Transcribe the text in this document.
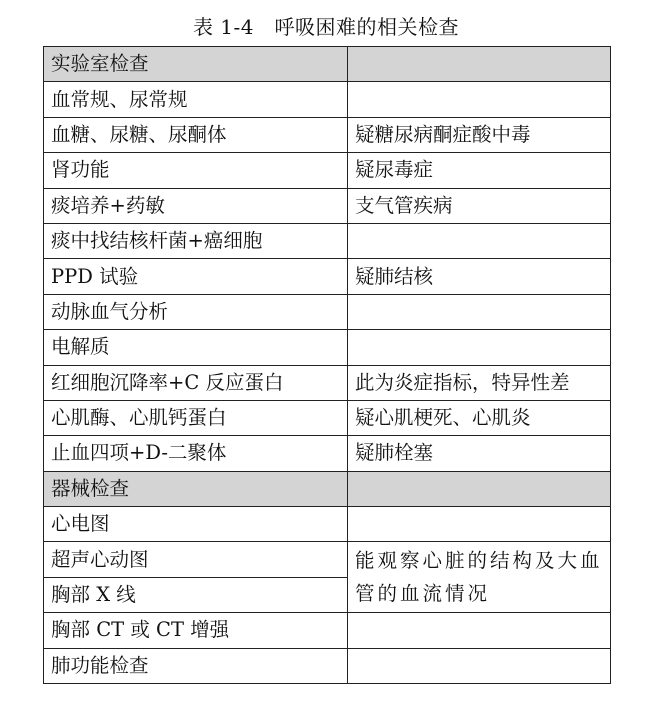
表 1-4　呼吸困难的相关检查
实验室检查	
血常规、尿常规	
血糖、尿糖、尿酮体	疑糖尿病酮症酸中毒
肾功能	疑尿毒症
痰培养+药敏	支气管疾病
痰中找结核杆菌+癌细胞	
PPD 试验	疑肺结核
动脉血气分析	
电解质	
红细胞沉降率+C 反应蛋白	此为炎症指标，特异性差
心肌酶、心肌钙蛋白	疑心肌梗死、心肌炎
止血四项+D-二聚体	疑肺栓塞
器械检查	
心电图	
超声心动图	能观察心脏的结构及大血管的血流情况
胸部 X 线	
胸部 CT 或 CT 增强	
肺功能检查	
